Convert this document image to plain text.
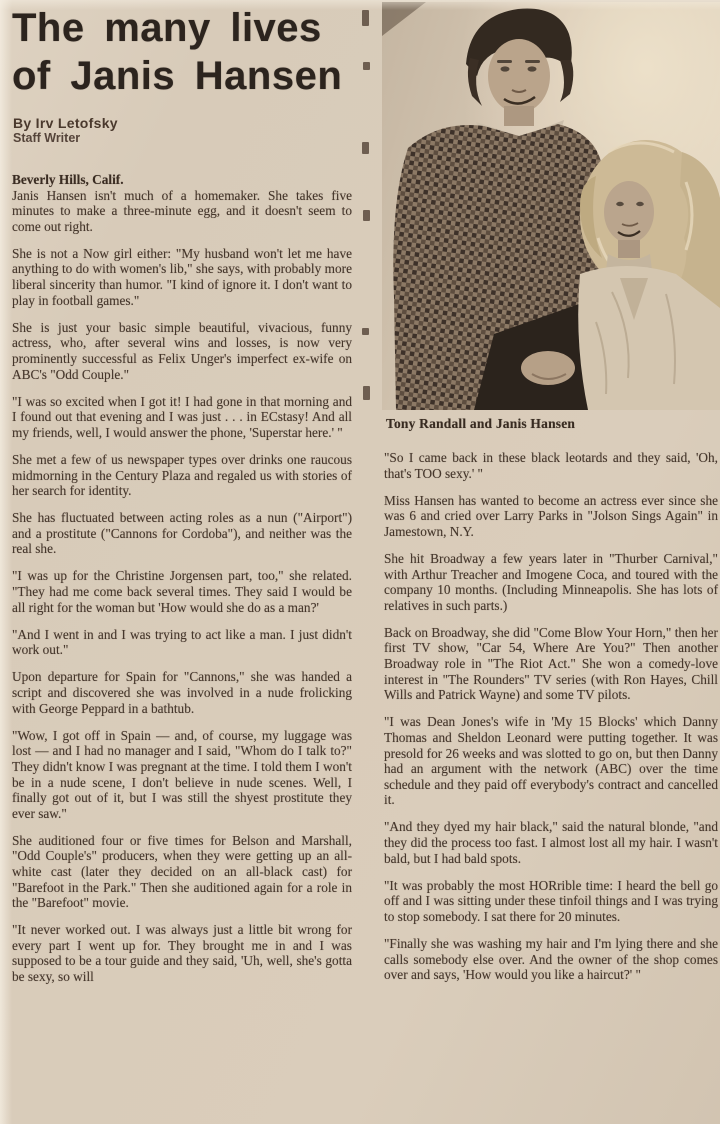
The many lives
of Janis Hansen
By Irv Letofsky
Staff Writer
Beverly Hills, Calif.

Janis Hansen isn't much of a homemaker. She takes five minutes to make a three-minute egg, and it doesn't seem to come out right.

She is not a Now girl either: "My husband won't let me have anything to do with women's lib," she says, with probably more liberal sincerity than humor. "I kind of ignore it. I don't want to play in football games."

She is just your basic simple beautiful, vivacious, funny actress, who, after several wins and losses, is now very prominently successful as Felix Unger's imperfect ex-wife on ABC's "Odd Couple."

"I was so excited when I got it! I had gone in that morning and I found out that evening and I was just . . . in ECstasy! And all my friends, well, I would answer the phone, 'Superstar here.' "

She met a few of us newspaper types over drinks one raucous midmorning in the Century Plaza and regaled us with stories of her search for identity.

She has fluctuated between acting roles as a nun ("Airport") and a prostitute ("Cannons for Cordoba"), and neither was the real she.

"I was up for the Christine Jorgensen part, too," she related. "They had me come back several times. They said I would be all right for the woman but 'How would she do as a man?'

"And I went in and I was trying to act like a man. I just didn't work out."

Upon departure for Spain for "Cannons," she was handed a script and discovered she was involved in a nude frolicking with George Peppard in a bathtub.

"Wow, I got off in Spain — and, of course, my luggage was lost — and I had no manager and I said, "Whom do I talk to?" They didn't know I was pregnant at the time. I told them I won't be in a nude scene, I don't believe in nude scenes. Well, I finally got out of it, but I was still the shyest prostitute they ever saw."

She auditioned four or five times for Belson and Marshall, "Odd Couple's" producers, when they were getting up an all-white cast (later they decided on an all-black cast) for "Barefoot in the Park." Then she auditioned again for a role in the "Barefoot" movie.

"It never worked out. I was always just a little bit wrong for every part I went up for. They brought me in and I was supposed to be a tour guide and they said, 'Uh, well, she's gotta be sexy, so will

Tony Randall and Janis Hansen

"So I came back in these black leotards and they said, 'Oh, that's TOO sexy.' "

Miss Hansen has wanted to become an actress ever since she was 6 and cried over Larry Parks in "Jolson Sings Again" in Jamestown, N.Y.

She hit Broadway a few years later in "Thurber Carnival," with Arthur Treacher and Imogene Coca, and toured with the company 10 months. (Including Minneapolis. She has lots of relatives in such parts.)

Back on Broadway, she did "Come Blow Your Horn," then her first TV show, "Car 54, Where Are You?" Then another Broadway role in "The Riot Act." She won a comedy-love interest in "The Rounders" TV series (with Ron Hayes, Chill Wills and Patrick Wayne) and some TV pilots.

"I was Dean Jones's wife in 'My 15 Blocks' which Danny Thomas and Sheldon Leonard were putting together. It was presold for 26 weeks and was slotted to go on, but then Danny had an argument with the network (ABC) over the time schedule and they paid off everybody's contract and cancelled it.

"And they dyed my hair black," said the natural blonde, "and they did the process too fast. I almost lost all my hair. I wasn't bald, but I had bald spots.

"It was probably the most HORrible time: I heard the bell go off and I was sitting under these tinfoil things and I was trying to stop somebody. I sat there for 20 minutes.

"Finally she was washing my hair and I'm lying there and she calls somebody else over. And the owner of the shop comes over and says, 'How would you like a haircut?' "
